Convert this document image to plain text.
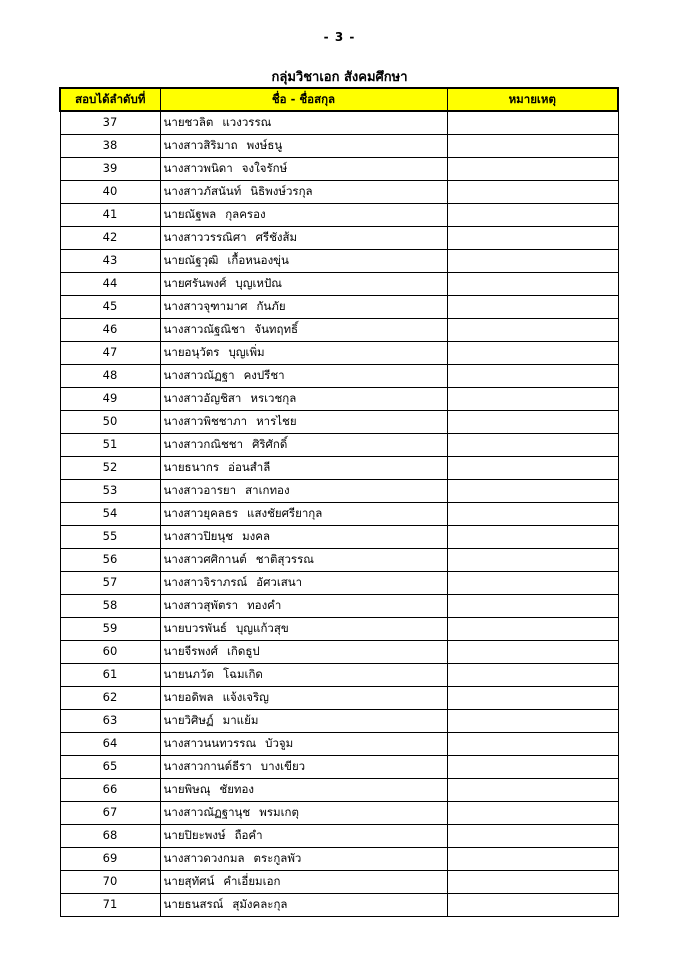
- 3 -
กลุ่มวิชาเอก สังคมศึกษา
สอบได้ลำดับที่	ชื่อ - ชื่อสกุล	หมายเหตุ
37	นายชวลิต แวงวรรณ	
38	นางสาวสิริมาถ พงษ์ธนู	
39	นางสาวพนิดา จงใจรักษ์	
40	นางสาวภัสนันท์ นิธิพงษ์วรกุล	
41	นายณัฐพล กุลครอง	
42	นางสาววรรณิศา ศรีชังส้ม	
43	นายณัฐวุฒิ เกื้อหนองขุ่น	
44	นายศรันพงศ์ บุญเหปัณ	
45	นางสาวจุฑามาศ กันภัย	
46	นางสาวณัฐณิชา จันทฤทธิ์	
47	นายอนุวัตร บุญเพิ่ม	
48	นางสาวณัฏฐา คงปรีชา	
49	นางสาวอัญชิสา หรเวชกุล	
50	นางสาวพิชชาภา หารไชย	
51	นางสาวกณิชชา ศิริศักดิ์	
52	นายธนากร อ่อนสำลี	
53	นางสาวอารยา สาเกทอง	
54	นางสาวยุคลธร แสงชัยศรียากุล	
55	นางสาวปิยนุช มงคล	
56	นางสาวศศิกานต์ ชาติสุวรรณ	
57	นางสาวจิราภรณ์ อัศวเสนา	
58	นางสาวสุพัตรา ทองคำ	
59	นายบวรพันธ์ บุญแก้วสุข	
60	นายจีรพงศ์ เกิดธูป	
61	นายนภวัต โฉมเกิด	
62	นายอดิพล แจ้งเจริญ	
63	นายวิศิษฏ์ มาแย้ม	
64	นางสาวนนทวรรณ บัวจูม	
65	นางสาวกานต์ธีรา บางเขียว	
66	นายพิษณุ ชัยทอง	
67	นางสาวณัฏฐานุช พรมเกตุ	
68	นายปิยะพงษ์ ถือคำ	
69	นางสาวดวงกมล ตระกูลพัว	
70	นายสุทัศน์ คำเอี่ยมเอก	
71	นายธนสรณ์ สุมังคละกุล	
